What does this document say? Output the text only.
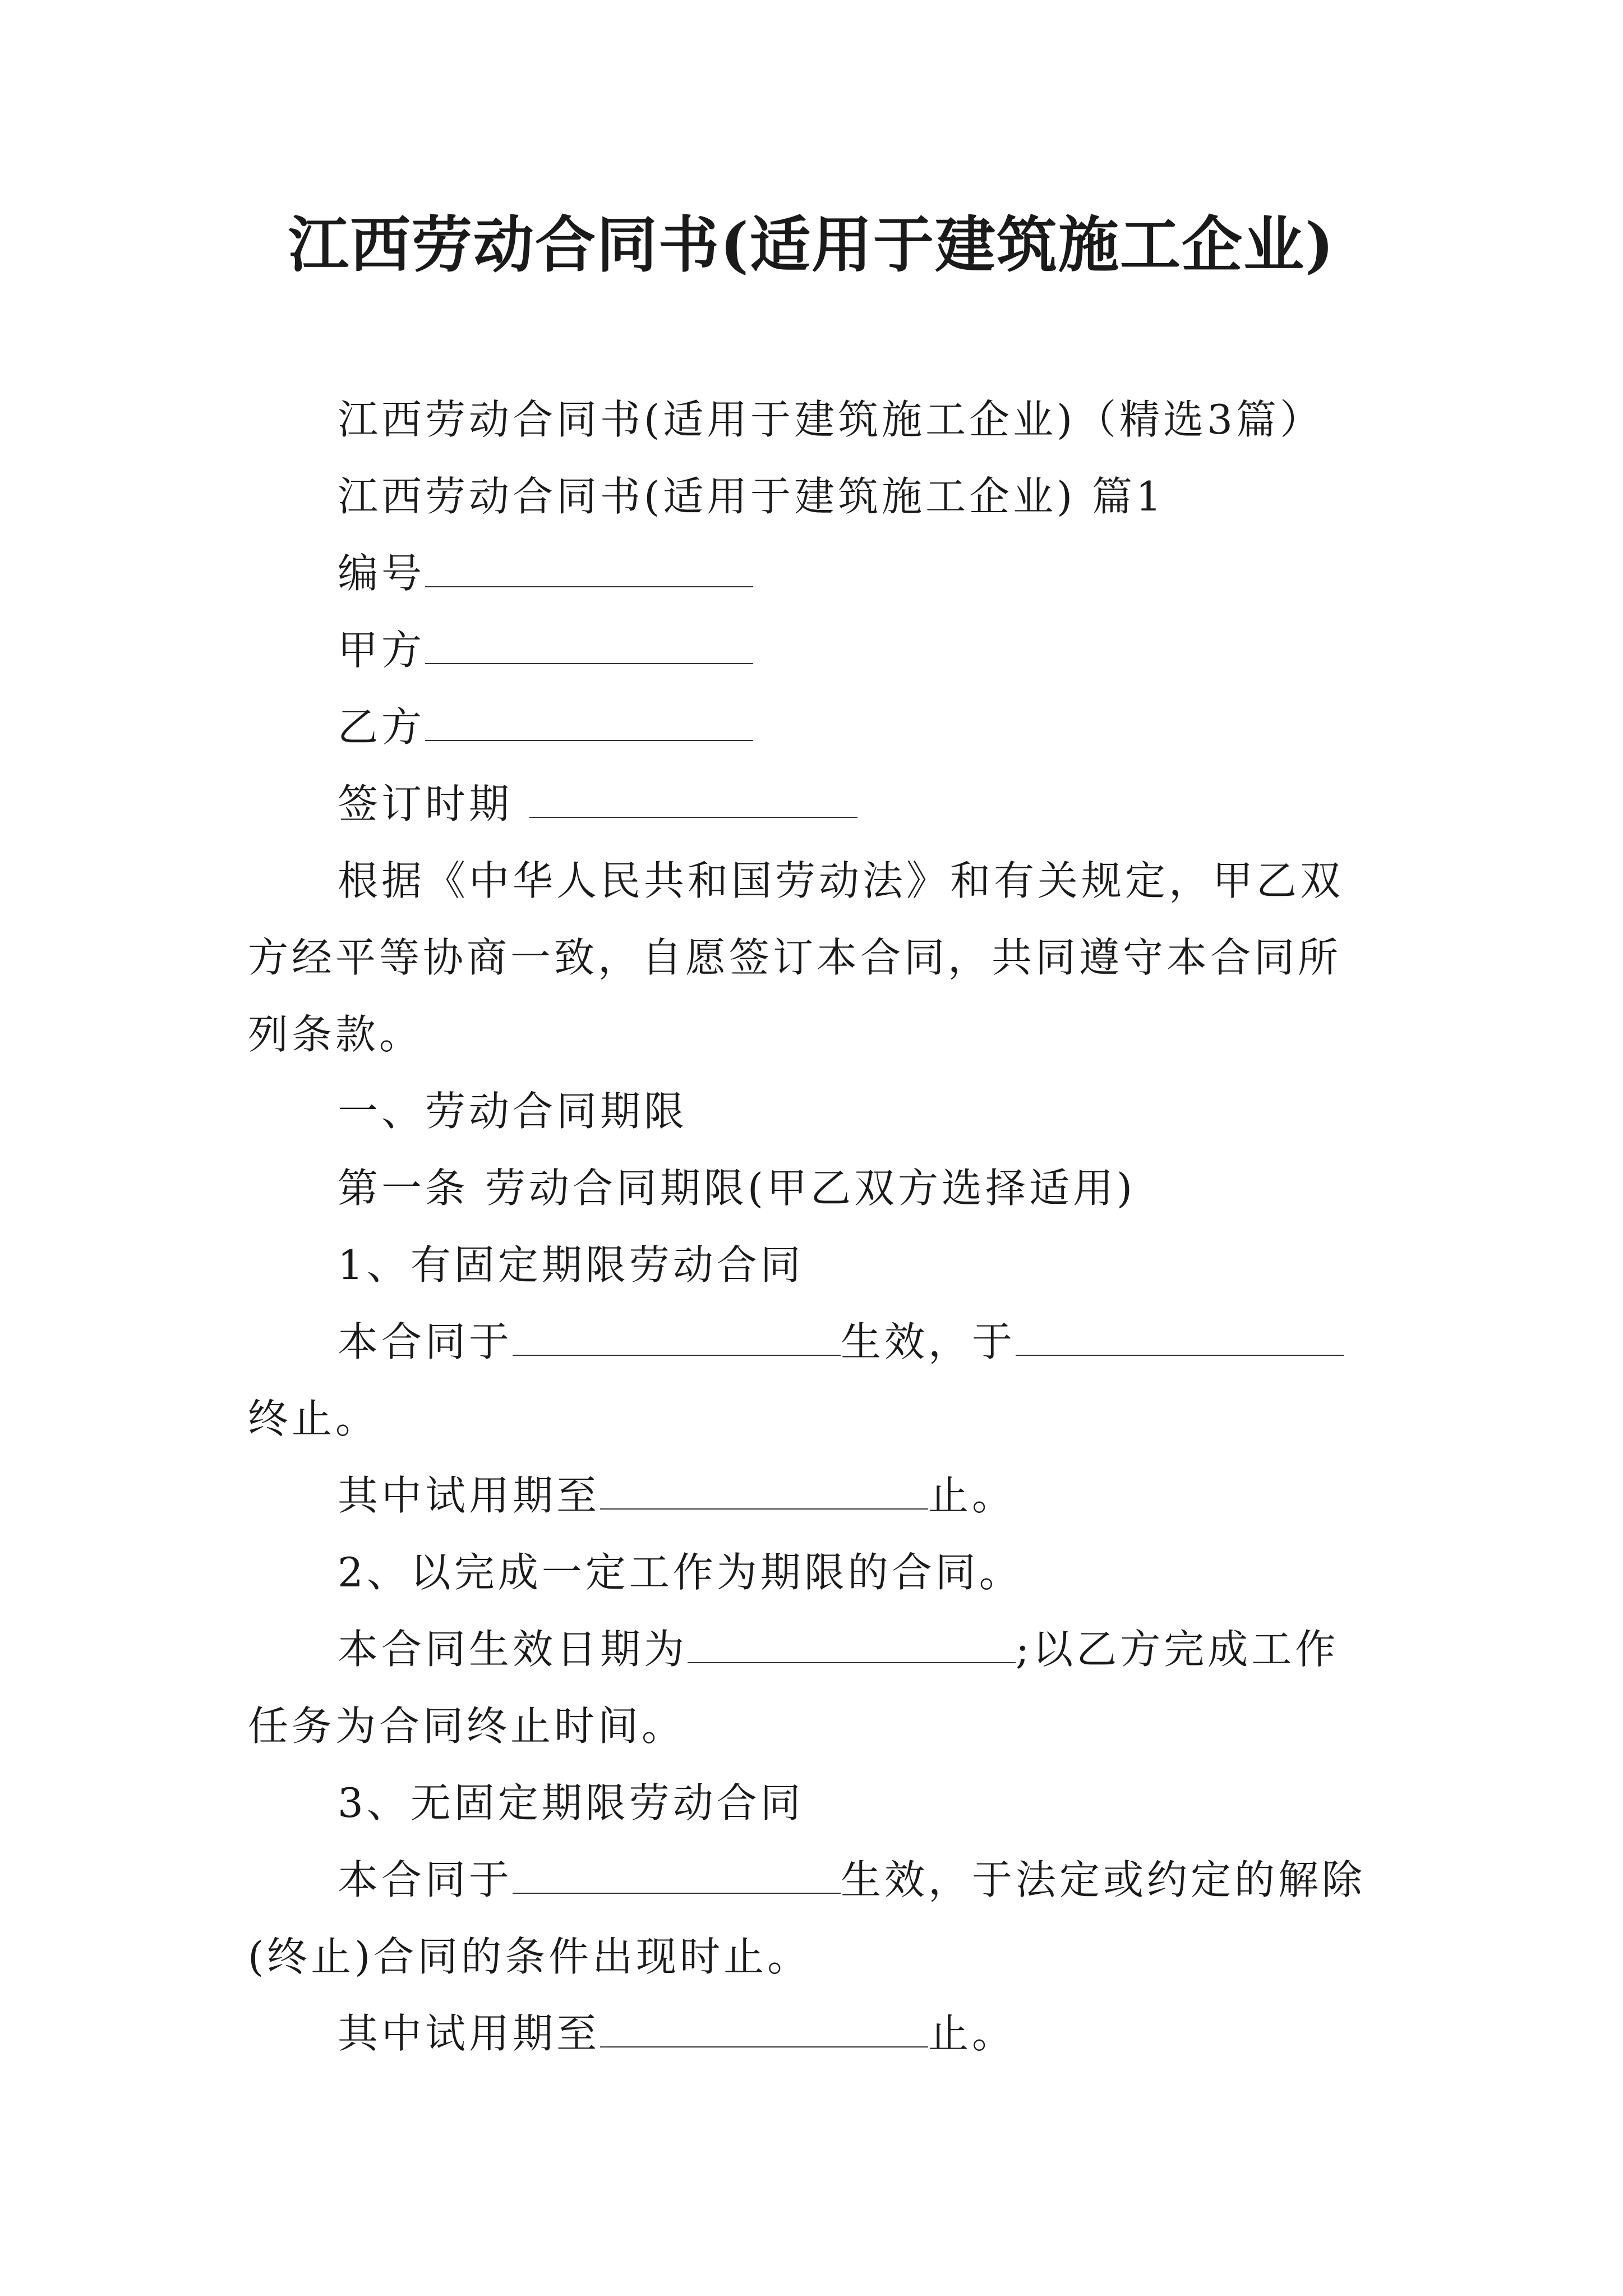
江西劳动合同书(适用于建筑施工企业)

江西劳动合同书(适用于建筑施工企业)（精选3篇）

江西劳动合同书(适用于建筑施工企业) 篇1

编号

甲方

乙方

签订时期

根据《中华人民共和国劳动法》和有关规定，甲乙双方经平等协商一致，自愿签订本合同，共同遵守本合同所列条款。

一、劳动合同期限

第一条 劳动合同期限(甲乙双方选择适用)

1、有固定期限劳动合同

本合同于	生效，于终止。

其中试用期至	止。

2、以完成一定工作为期限的合同。

本合同生效日期为	;以乙方完成工作任务为合同终止时间。

3、无固定期限劳动合同

本合同于	生效，于法定或约定的解除(终止)合同的条件出现时止。

其中试用期至	止。
